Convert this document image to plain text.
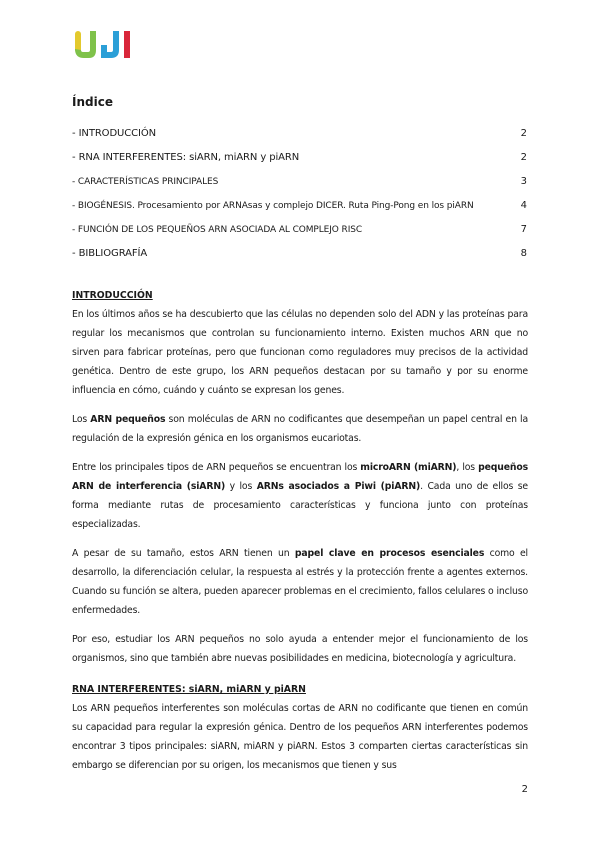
Índice
- INTRODUCCIÓN	2
- RNA INTERFERENTES: siARN, miARN y piARN	2
- CARACTERÍSTICAS PRINCIPALES	3
- BIOGÉNESIS. Procesamiento por ARNAsas y complejo DICER. Ruta Ping-Pong en los piARN	4
- FUNCIÓN DE LOS PEQUEÑOS ARN ASOCIADA AL COMPLEJO RISC	7
- BIBLIOGRAFÍA	8
INTRODUCCIÓN

En los últimos años se ha descubierto que las células no dependen solo del ADN y las proteínas para regular los mecanismos que controlan su funcionamiento interno. Existen muchos ARN que no sirven para fabricar proteínas, pero que funcionan como reguladores muy precisos de la actividad genética. Dentro de este grupo, los ARN pequeños destacan por su tamaño y por su enorme influencia en cómo, cuándo y cuánto se expresan los genes.

Los ARN pequeños son moléculas de ARN no codificantes que desempeñan un papel central en la regulación de la expresión génica en los organismos eucariotas.

Entre los principales tipos de ARN pequeños se encuentran los microARN (miARN), los pequeños ARN de interferencia (siARN) y los ARNs asociados a Piwi (piARN). Cada uno de ellos se forma mediante rutas de procesamiento características y funciona junto con proteínas especializadas.

A pesar de su tamaño, estos ARN tienen un papel clave en procesos esenciales como el desarrollo, la diferenciación celular, la respuesta al estrés y la protección frente a agentes externos. Cuando su función se altera, pueden aparecer problemas en el crecimiento, fallos celulares o incluso enfermedades.

Por eso, estudiar los ARN pequeños no solo ayuda a entender mejor el funcionamiento de los organismos, sino que también abre nuevas posibilidades en medicina, biotecnología y agricultura.

RNA INTERFERENTES: siARN, miARN y piARN

Los ARN pequeños interferentes son moléculas cortas de ARN no codificante que tienen en común su capacidad para regular la expresión génica. Dentro de los pequeños ARN interferentes podemos encontrar 3 tipos principales: siARN, miARN y piARN. Estos 3 comparten ciertas características sin embargo se diferencian por su origen, los mecanismos que tienen y sus

2
